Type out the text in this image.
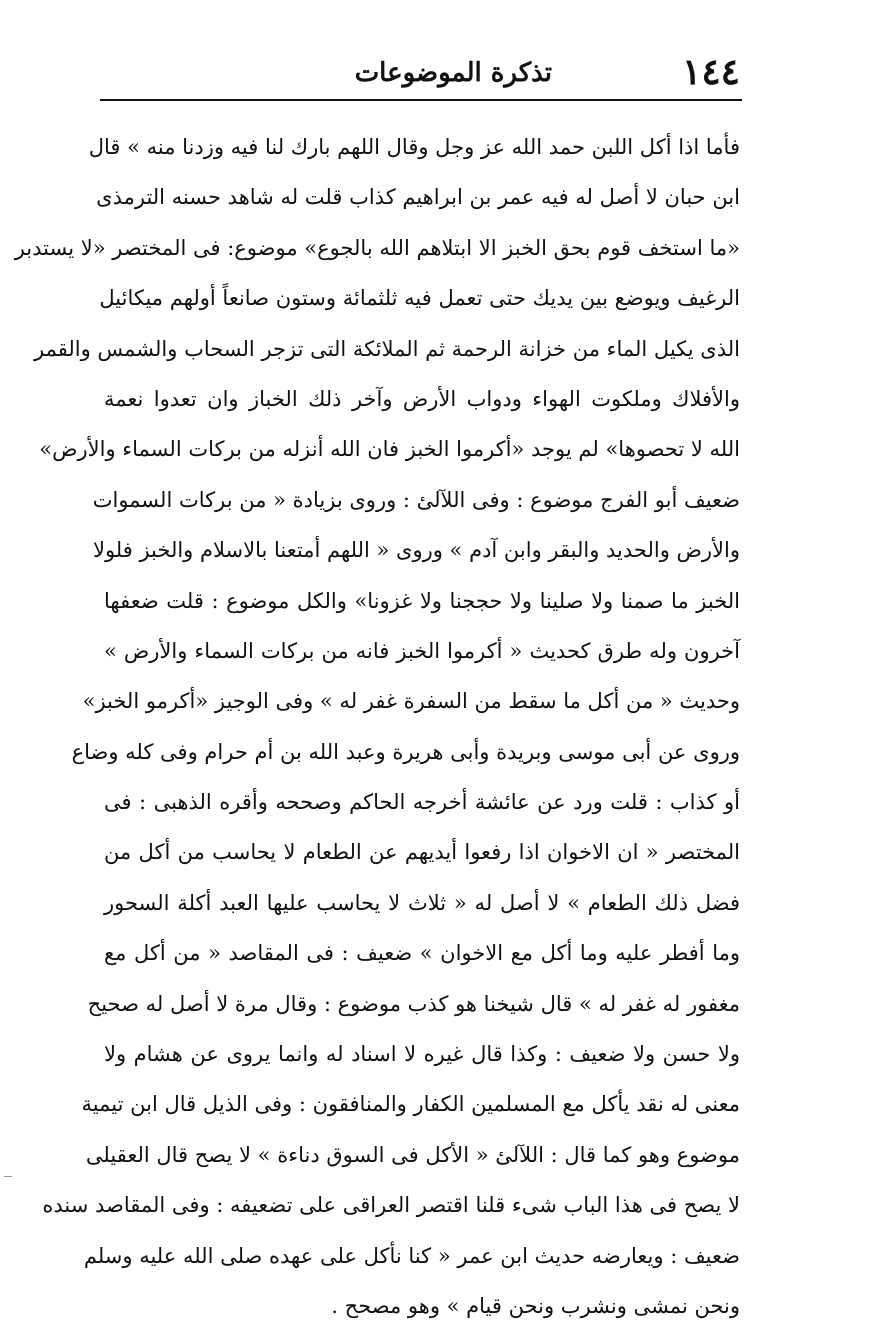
١٤٤
تذكرة الموضوعات
فأما اذا أكل اللبن حمد الله عز وجل وقال اللهم بارك لنا فيه وزدنا منه » قال
ابن حبان لا أصل له فيه عمر بن ابراهيم كذاب قلت له شاهد حسنه الترمذى
«ما استخف قوم بحق الخبز الا ابتلاهم الله بالجوع» موضوع: فى المختصر «لا يستدبر
الرغيف ويوضع بين يديك حتى تعمل فيه ثلثمائة وستون صانعاً أولهم ميكائيل
الذى يكيل الماء من خزانة الرحمة ثم الملائكة التى تزجر السحاب والشمس والقمر
والأفلاك وملكوت الهواء ودواب الأرض وآخر ذلك الخباز وان تعدوا نعمة
الله لا تحصوها» لم يوجد «أكرموا الخبز فان الله أنزله من بركات السماء والأرض»
ضعيف أبو الفرج موضوع : وفى اللآلئ : وروى بزيادة « من بركات السموات
والأرض والحديد والبقر وابن آدم » وروى « اللهم أمتعنا بالاسلام والخبز فلولا
الخبز ما صمنا ولا صلينا ولا حججنا ولا غزونا» والكل موضوع : قلت ضعفها
آخرون وله طرق كحديث « أكرموا الخبز فانه من بركات السماء والأرض »
وحديث « من أكل ما سقط من السفرة غفر له » وفى الوجيز «أكرمو الخبز»
وروى عن أبى موسى وبريدة وأبى هريرة وعبد الله بن أم حرام وفى كله وضاع
أو كذاب : قلت ورد عن عائشة أخرجه الحاكم وصححه وأقره الذهبى : فى
المختصر « ان الاخوان اذا رفعوا أيديهم عن الطعام لا يحاسب من أكل من
فضل ذلك الطعام » لا أصل له « ثلاث لا يحاسب عليها العبد أكلة السحور
وما أفطر عليه وما أكل مع الاخوان » ضعيف : فى المقاصد « من أكل مع
مغفور له غفر له » قال شيخنا هو كذب موضوع : وقال مرة لا أصل له صحيح
ولا حسن ولا ضعيف : وكذا قال غيره لا اسناد له وانما يروى عن هشام ولا
معنى له نقد يأكل مع المسلمين الكفار والمنافقون : وفى الذيل قال ابن تيمية
موضوع وهو كما قال : اللآلئ « الأكل فى السوق دناءة » لا يصح قال العقيلى
لا يصح فى هذا الباب شىء قلنا اقتصر العراقى على تضعيفه : وفى المقاصد سنده
ضعيف : ويعارضه حديث ابن عمر « كنا نأكل على عهده صلى الله عليه وسلم
ونحن نمشى ونشرب ونحن قيام » وهو مصحح .
